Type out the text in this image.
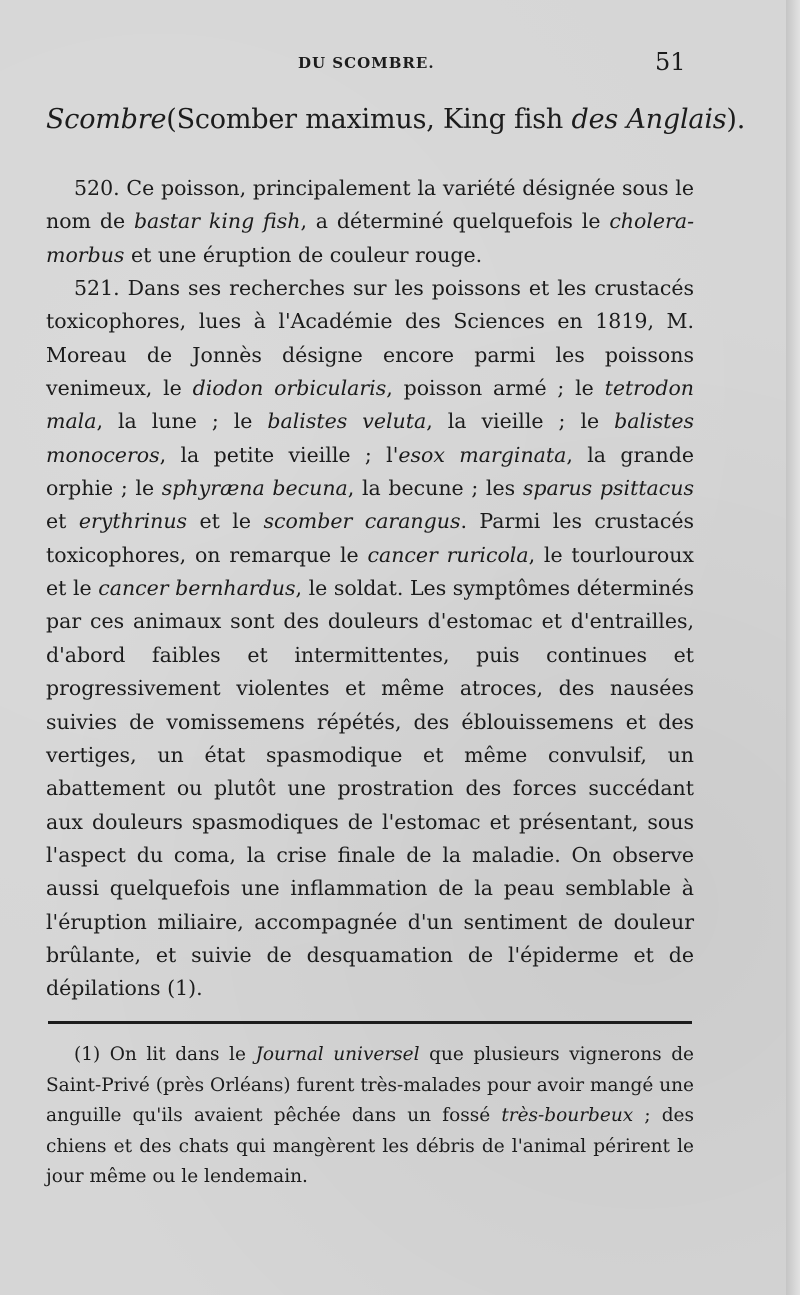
DU SCOMBRE.	51
Scombre(Scomber maximus, King fish des Anglais).

520. Ce poisson, principalement la variété désignée sous le nom de bastar king fish, a déterminé quelquefois le cholera-morbus et une éruption de couleur rouge.

521. Dans ses recherches sur les poissons et les crustacés toxicophores, lues à l'Académie des Sciences en 1819, M. Moreau de Jonnès désigne encore parmi les poissons venimeux, le diodon orbicularis, poisson armé ; le tetrodon mala, la lune ; le balistes veluta, la vieille ; le balistes monoceros, la petite vieille ; l'esox marginata, la grande orphie ; le sphyræna becuna, la becune ; les sparus psittacus et erythrinus et le scomber carangus. Parmi les crustacés toxicophores, on remarque le cancer ruricola, le tourlouroux et le cancer bernhardus, le soldat. Les symptômes déterminés par ces animaux sont des douleurs d'estomac et d'entrailles, d'abord faibles et intermittentes, puis continues et progressivement violentes et même atroces, des nausées suivies de vomissemens répétés, des éblouissemens et des vertiges, un état spasmodique et même convulsif, un abattement ou plutôt une prostration des forces succédant aux douleurs spasmodiques de l'estomac et présentant, sous l'aspect du coma, la crise finale de la maladie. On observe aussi quelquefois une inflammation de la peau semblable à l'éruption miliaire, accompagnée d'un sentiment de douleur brûlante, et suivie de desquamation de l'épiderme et de dépilations (1).

(1) On lit dans le Journal universel que plusieurs vignerons de Saint-Privé (près Orléans) furent très-malades pour avoir mangé une anguille qu'ils avaient pêchée dans un fossé très-bourbeux ; des chiens et des chats qui mangèrent les débris de l'animal périrent le jour même ou le lendemain.
